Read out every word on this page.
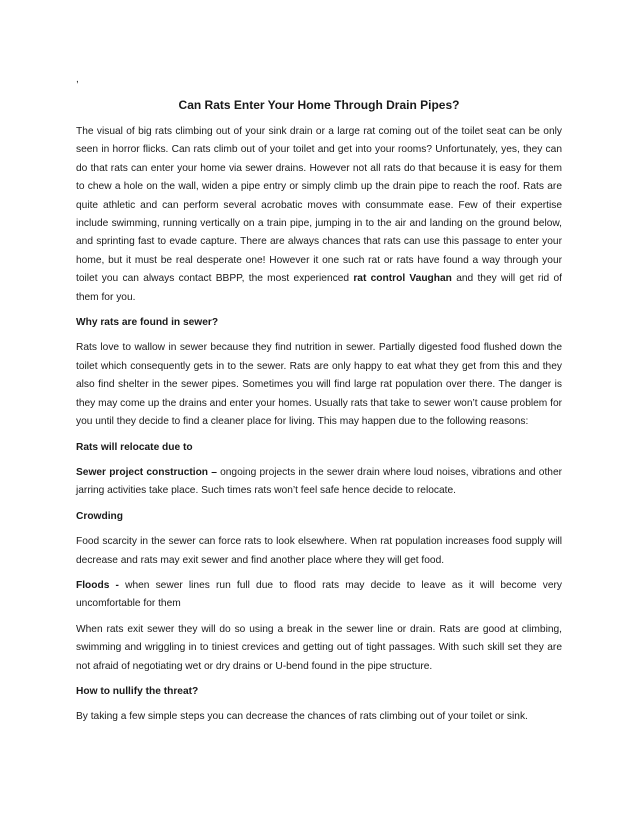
,
Can Rats Enter Your Home Through Drain Pipes?

The visual of big rats climbing out of your sink drain or a large rat coming out of the toilet seat can be only seen in horror flicks. Can rats climb out of your toilet and get into your rooms? Unfortunately, yes, they can do that rats can enter your home via sewer drains. However not all rats do that because it is easy for them to chew a hole on the wall, widen a pipe entry or simply climb up the drain pipe to reach the roof. Rats are quite athletic and can perform several acrobatic moves with consummate ease. Few of their expertise include swimming, running vertically on a train pipe, jumping in to the air and landing on the ground below, and sprinting fast to evade capture. There are always chances that rats can use this passage to enter your home, but it must be real desperate one! However it one such rat or rats have found a way through your toilet you can always contact BBPP, the most experienced rat control Vaughan and they will get rid of them for you.

Why rats are found in sewer?

Rats love to wallow in sewer because they find nutrition in sewer. Partially digested food flushed down the toilet which consequently gets in to the sewer. Rats are only happy to eat what they get from this and they also find shelter in the sewer pipes. Sometimes you will find large rat population over there. The danger is they may come up the drains and enter your homes. Usually rats that take to sewer won’t cause problem for you until they decide to find a cleaner place for living. This may happen due to the following reasons:

Rats will relocate due to

Sewer project construction – ongoing projects in the sewer drain where loud noises, vibrations and other jarring activities take place. Such times rats won’t feel safe hence decide to relocate.

Crowding

Food scarcity in the sewer can force rats to look elsewhere. When rat population increases food supply will decrease and rats may exit sewer and find another place where they will get food.

Floods - when sewer lines run full due to flood rats may decide to leave as it will become very uncomfortable for them

When rats exit sewer they will do so using a break in the sewer line or drain. Rats are good at climbing, swimming and wriggling in to tiniest crevices and getting out of tight passages. With such skill set they are not afraid of negotiating wet or dry drains or U-bend found in the pipe structure.

How to nullify the threat?

By taking a few simple steps you can decrease the chances of rats climbing out of your toilet or sink.
